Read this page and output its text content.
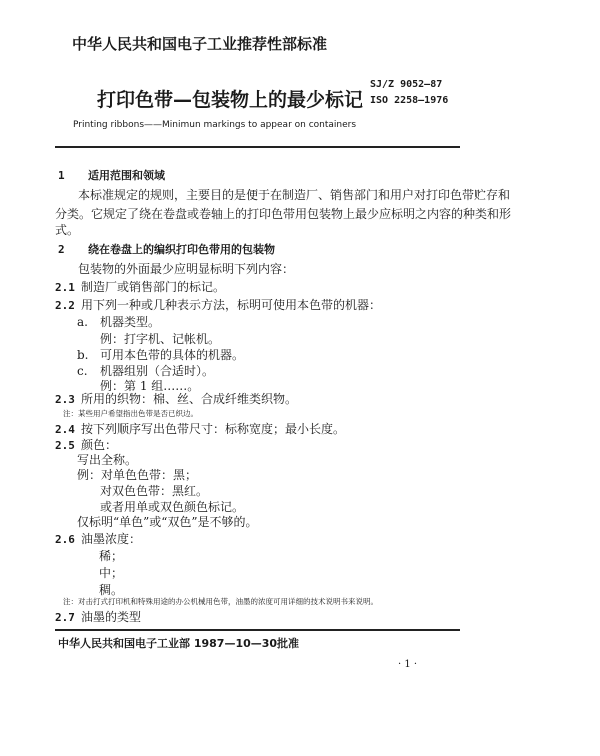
中华人民共和国电子工业推荐性部标准
SJ/Z 9052—87
ISO 2258—1976
打印色带—包装物上的最少标记
Printing ribbons——Minimun markings to appear on containers
1 适用范围和领域
本标准规定的规则，主要目的是便于在制造厂、销售部门和用户对打印色带贮存和
分类。它规定了绕在卷盘或卷轴上的打印色带用包装物上最少应标明之内容的种类和形
式。
2 绕在卷盘上的编织打印色带用的包装物
包装物的外面最少应明显标明下列内容：
2.1 制造厂或销售部门的标记。
2.2 用下列一种或几种表示方法，标明可使用本色带的机器：
a. 机器类型。
例：打字机、记帐机。
b. 可用本色带的具体的机器。
c. 机器组别（合适时）。
例：第 1 组……。
2.3 所用的织物：棉、丝、合成纤维类织物。
注：某些用户希望指出色带是否已织边。
2.4 按下列顺序写出色带尺寸：标称宽度；最小长度。
2.5 颜色：
写出全称。
例：对单色色带：黑；
对双色色带：黑红。
或者用单或双色颜色标记。
仅标明“单色”或“双色”是不够的。
2.6 油墨浓度：
稀；
中；
稠。
注：对击打式打印机和特殊用途的办公机械用色带，油墨的浓度可用详细的技术说明书来说明。
2.7 油墨的类型
中华人民共和国电子工业部 1987—10—30批准
· 1 ·
